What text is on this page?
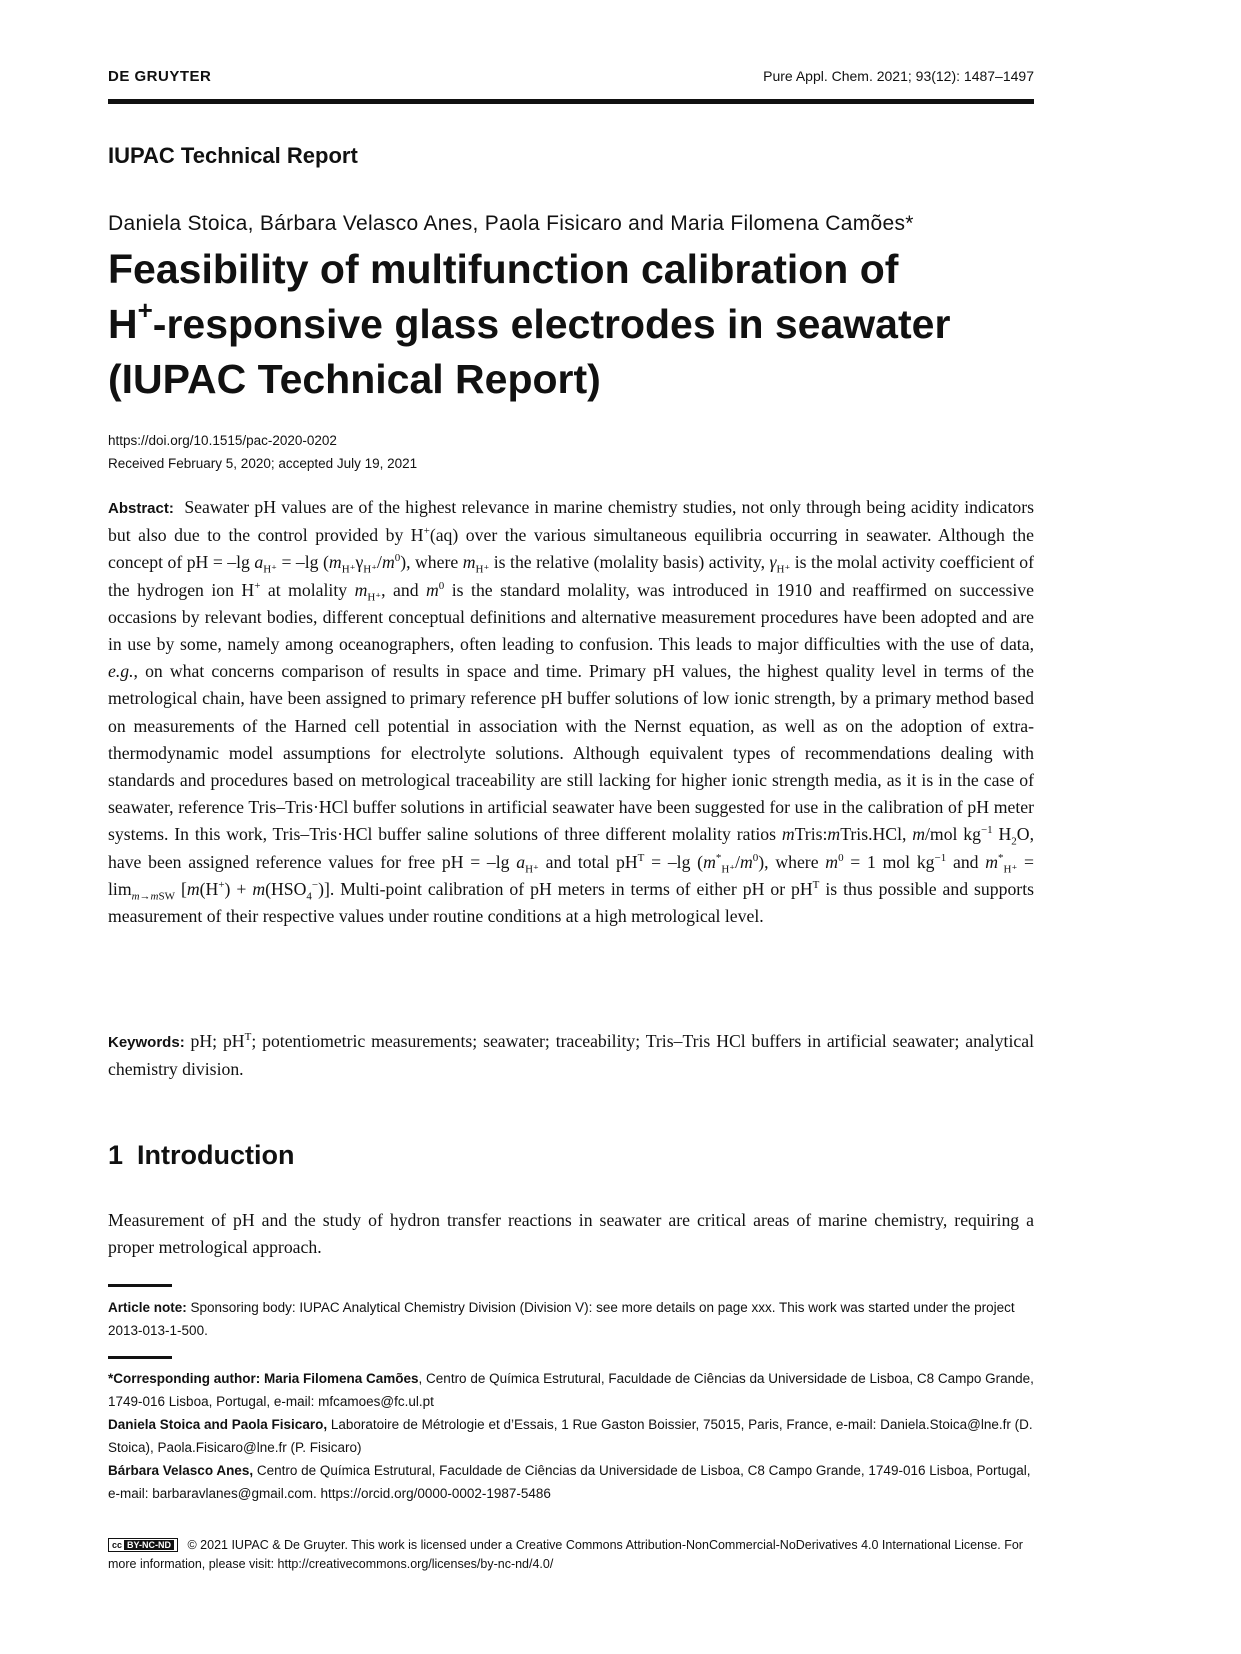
DE GRUYTER	Pure Appl. Chem. 2021; 93(12): 1487–1497
IUPAC Technical Report
Daniela Stoica, Bárbara Velasco Anes, Paola Fisicaro and Maria Filomena Camões*
Feasibility of multifunction calibration of
H+-responsive glass electrodes in seawater
(IUPAC Technical Report)
https://doi.org/10.1515/pac-2020-0202
Received February 5, 2020; accepted July 19, 2021

Abstract: Seawater pH values are of the highest relevance in marine chemistry studies, not only through being acidity indicators but also due to the control provided by H+(aq) over the various simultaneous equilibria occurring in seawater. Although the concept of pH = –lg $a_{H^+} = -\lg$ $(m_{H^+}\gamma_{H^+}/m^0)$, where $m_{H^+}$ is the relative (molality basis) activity, $\gamma_{H^+}$ is the molal activity coefficient of the hydrogen ion H+ at molality $m_{H^+}$, and $m^0$ is the standard molality, was introduced in 1910 and reaffirmed on successive occasions by relevant bodies, different conceptual definitions and alternative measurement procedures have been adopted and are in use by some, namely among oceanographers, often leading to confusion. This leads to major difficulties with the use of data, e.g., on what concerns comparison of results in space and time. Primary pH values, the highest quality level in terms of the metrological chain, have been assigned to primary reference pH buffer solutions of low ionic strength, by a primary method based on measurements of the Harned cell potential in association with the Nernst equation, as well as on the adoption of extra-thermodynamic model assumptions for electrolyte solutions. Although equivalent types of recommendations dealing with standards and procedures based on metrological traceability are still lacking for higher ionic strength media, as it is in the case of seawater, reference Tris–Tris·HCl buffer solutions in artificial seawater have been suggested for use in the calibration of pH meter systems. In this work, Tris–Tris·HCl buffer saline solutions of three different molality ratios mTris:mTris.HCl, m/mol $kg^{-1}$ $H_2O$, have been assigned reference values for free pH = –lg $a_{H^+}$ and total $pH^T = -\lg$ $(m^*_{H^+}/m^0)$, where $m^0 = 1$ mol $kg^{-1}$ and $m^*_{H^+} = \lim_{m\to mSW} [m(H^+) + m(HSO_4^-)]$. Multi-point calibration of pH meters in terms of either pH or $pH^T$ is thus possible and supports measurement of their respective values under routine conditions at a high metrological level.

Keywords: pH; $pH^T$; potentiometric measurements; seawater; traceability; Tris–Tris HCl buffers in artificial seawater; analytical chemistry division.

1 Introduction

Measurement of pH and the study of hydron transfer reactions in seawater are critical areas of marine chemistry, requiring a proper metrological approach.

Article note: Sponsoring body: IUPAC Analytical Chemistry Division (Division V): see more details on page xxx. This work was started under the project 2013-013-1-500.
*Corresponding author: Maria Filomena Camões, Centro de Química Estrutural, Faculdade de Ciências da Universidade de Lisboa, C8 Campo Grande, 1749-016 Lisboa, Portugal, e-mail: mfcamoes@fc.ul.pt
Daniela Stoica and Paola Fisicaro, Laboratoire de Métrologie et d’Essais, 1 Rue Gaston Boissier, 75015, Paris, France, e-mail: Daniela.Stoica@lne.fr (D. Stoica), Paola.Fisicaro@lne.fr (P. Fisicaro)
Bárbara Velasco Anes, Centro de Química Estrutural, Faculdade de Ciências da Universidade de Lisboa, C8 Campo Grande, 1749-016 Lisboa, Portugal, e-mail: barbaravlanes@gmail.com. https://orcid.org/0000-0002-1987-5486
cc BY-NC-ND © 2021 IUPAC & De Gruyter. This work is licensed under a Creative Commons Attribution-NonCommercial-NoDerivatives 4.0 International License. For more information, please visit: http://creativecommons.org/licenses/by-nc-nd/4.0/
